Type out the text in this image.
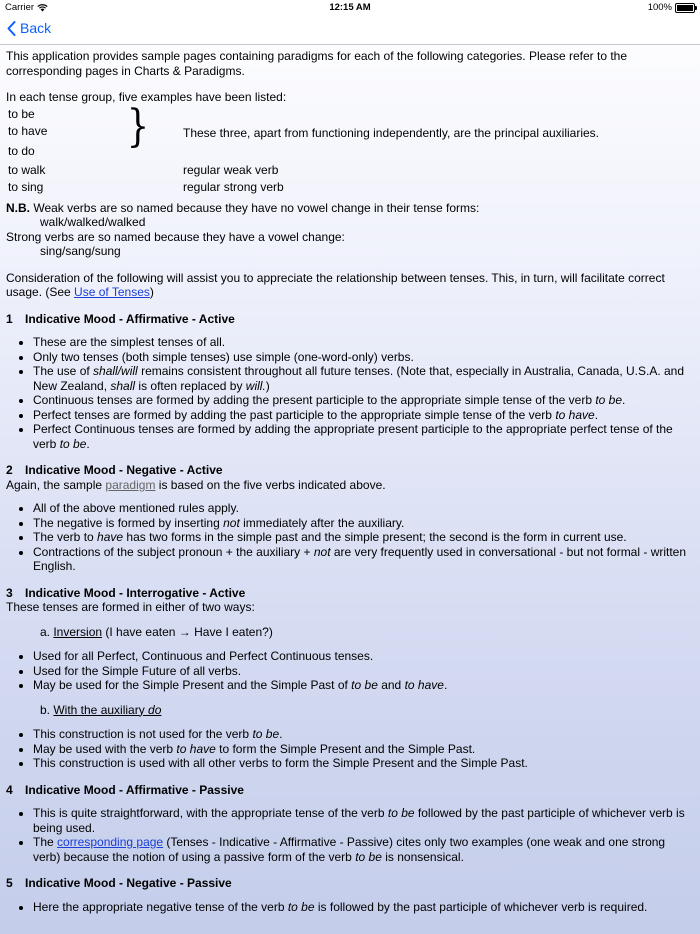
Carrier	12:15 AM	100%
Back

This application provides sample pages containing paradigms for each of the following categories. Please refer to the corresponding pages in Charts & Paradigms.

In each tense group, five examples have been listed:

to be
to have
to do }	These three, apart from functioning independently, are the principal auxiliaries.
to walk	regular weak verb
to sing	regular strong verb

N.B. Weak verbs are so named because they have no vowel change in their tense forms:

walk/walked/walked

Strong verbs are so named because they have a vowel change:

sing/sang/sung

Consideration of the following will assist you to appreciate the relationship between tenses. This, in turn, will facilitate correct usage. (See Use of Tenses)

1 Indicative Mood - Affirmative - Active
• These are the simplest tenses of all.
• Only two tenses (both simple tenses) use simple (one-word-only) verbs.
• The use of shall/will remains consistent throughout all future tenses. (Note that, especially in Australia, Canada, U.S.A. and New Zealand, shall is often replaced by will.)
• Continuous tenses are formed by adding the present participle to the appropriate simple tense of the verb to be.
• Perfect tenses are formed by adding the past participle to the appropriate simple tense of the verb to have.
• Perfect Continuous tenses are formed by adding the appropriate present participle to the appropriate perfect tense of the verb to be.
2 Indicative Mood - Negative - Active

Again, the sample paradigm is based on the five verbs indicated above.

• All of the above mentioned rules apply.
• The negative is formed by inserting not immediately after the auxiliary.
• The verb to have has two forms in the simple past and the simple present; the second is the form in current use.
• Contractions of the subject pronoun + the auxiliary + not are very frequently used in conversational - but not formal - written English.
3 Indicative Mood - Interrogative - Active

These tenses are formed in either of two ways:

a. Inversion (I have eaten → Have I eaten?)

• Used for all Perfect, Continuous and Perfect Continuous tenses.
• Used for the Simple Future of all verbs.
• May be used for the Simple Present and the Simple Past of to be and to have.

b. With the auxiliary do

• This construction is not used for the verb to be.
• May be used with the verb to have to form the Simple Present and the Simple Past.
• This construction is used with all other verbs to form the Simple Present and the Simple Past.
4 Indicative Mood - Affirmative - Passive
• This is quite straightforward, with the appropriate tense of the verb to be followed by the past participle of whichever verb is being used.
• The corresponding page (Tenses - Indicative - Affirmative - Passive) cites only two examples (one weak and one strong verb) because the notion of using a passive form of the verb to be is nonsensical.
5 Indicative Mood - Negative - Passive
• Here the appropriate negative tense of the verb to be is followed by the past participle of whichever verb is required.
